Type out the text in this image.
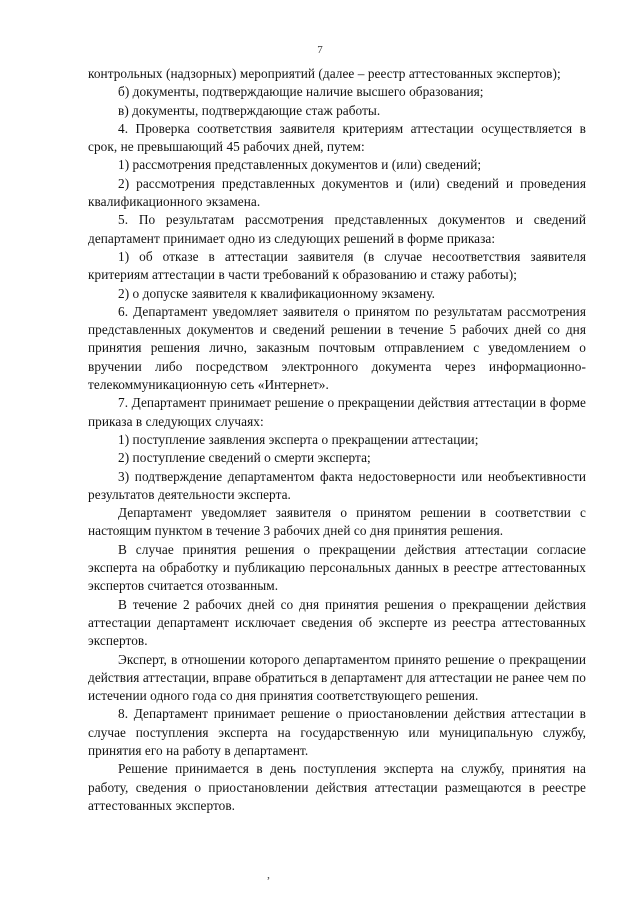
7

контрольных (надзорных) мероприятий (далее – реестр аттестованных экспертов);

б) документы, подтверждающие наличие высшего образования;

в) документы, подтверждающие стаж работы.

4. Проверка соответствия заявителя критериям аттестации осуществляется в срок, не превышающий 45 рабочих дней, путем:

1) рассмотрения представленных документов и (или) сведений;

2) рассмотрения представленных документов и (или) сведений и проведения квалификационного экзамена.

5. По результатам рассмотрения представленных документов и сведений департамент принимает одно из следующих решений в форме приказа:

1) об отказе в аттестации заявителя (в случае несоответствия заявителя критериям аттестации в части требований к образованию и стажу работы);

2) о допуске заявителя к квалификационному экзамену.

6. Департамент уведомляет заявителя о принятом по результатам рассмотрения представленных документов и сведений решении в течение 5 рабочих дней со дня принятия решения лично, заказным почтовым отправлением с уведомлением о вручении либо посредством электронного документа через информационно-телекоммуникационную сеть «Интернет».

7. Департамент принимает решение о прекращении действия аттестации в форме приказа в следующих случаях:

1) поступление заявления эксперта о прекращении аттестации;

2) поступление сведений о смерти эксперта;

3) подтверждение департаментом факта недостоверности или необъективности результатов деятельности эксперта.

Департамент уведомляет заявителя о принятом решении в соответствии с настоящим пунктом в течение 3 рабочих дней со дня принятия решения.

В случае принятия решения о прекращении действия аттестации согласие эксперта на обработку и публикацию персональных данных в реестре аттестованных экспертов считается отозванным.

В течение 2 рабочих дней со дня принятия решения о прекращении действия аттестации департамент исключает сведения об эксперте из реестра аттестованных экспертов.

Эксперт, в отношении которого департаментом принято решение о прекращении действия аттестации, вправе обратиться в департамент для аттестации не ранее чем по истечении одного года со дня принятия соответствующего решения.

8. Департамент принимает решение о приостановлении действия аттестации в случае поступления эксперта на государственную или муниципальную службу, принятия его на работу в департамент.

Решение принимается в день поступления эксперта на службу, принятия на работу, сведения о приостановлении действия аттестации размещаются в реестре аттестованных экспертов.

,
